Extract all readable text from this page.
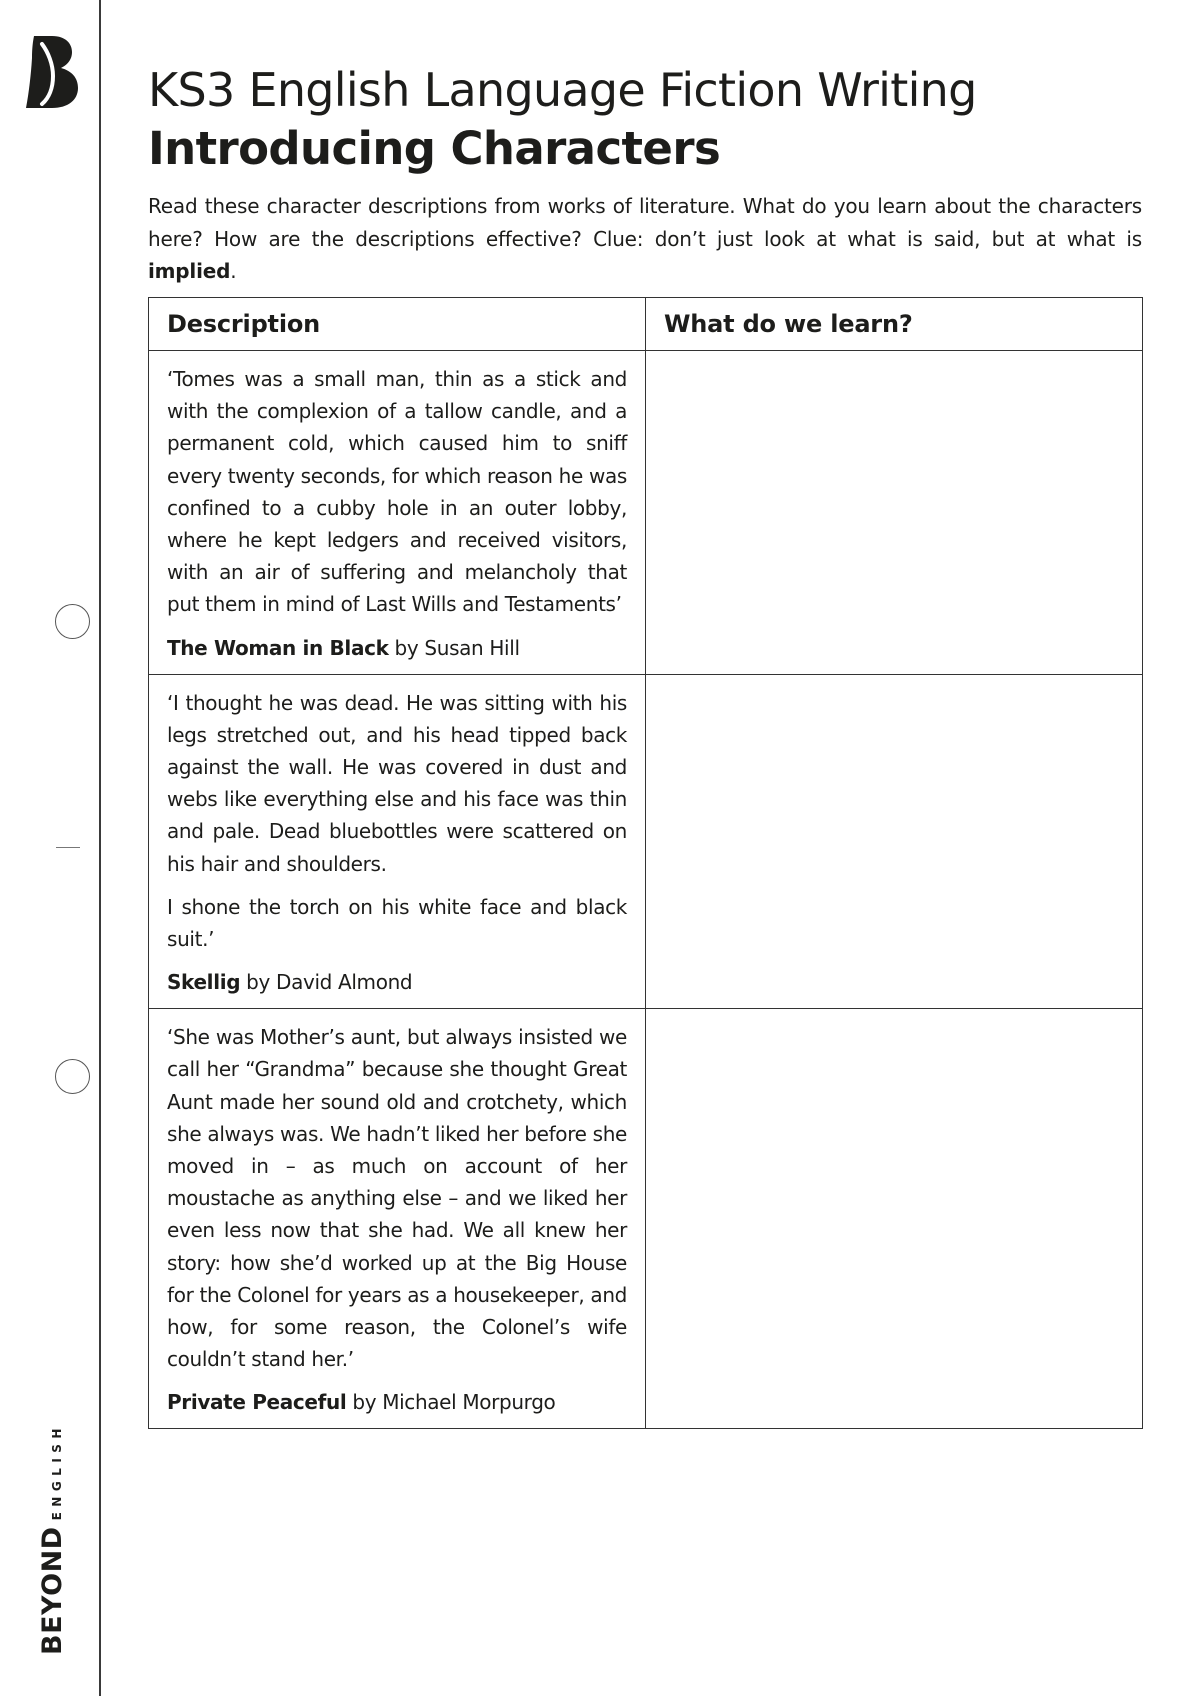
BEYOND
ENGLISH
KS3 English Language Fiction Writing
Introducing Characters
Read these character descriptions from works of literature. What do you learn about the characters here? How are the descriptions effective? Clue: don’t just look at what is said, but at what is implied.
Description	What do we learn?

‘Tomes was a small man, thin as a stick and with the complexion of a tallow candle, and a permanent cold, which caused him to sniff every twenty seconds, for which reason he was confined to a cubby hole in an outer lobby, where he kept ledgers and received visitors, with an air of suffering and melancholy that put them in mind of Last Wills and Testaments’

The Woman in Black by Susan Hill	

‘I thought he was dead. He was sitting with his legs stretched out, and his head tipped back against the wall. He was covered in dust and webs like everything else and his face was thin and pale. Dead bluebottles were scattered on his hair and shoulders.

I shone the torch on his white face and black suit.’

Skellig by David Almond	

‘She was Mother’s aunt, but always insisted we call her “Grandma” because she thought Great Aunt made her sound old and crotchety, which she always was. We hadn’t liked her before she moved in – as much on account of her moustache as anything else – and we liked her even less now that she had. We all knew her story: how she’d worked up at the Big House for the Colonel for years as a housekeeper, and how, for some reason, the Colonel’s wife couldn’t stand her.’

Private Peaceful by Michael Morpurgo	
